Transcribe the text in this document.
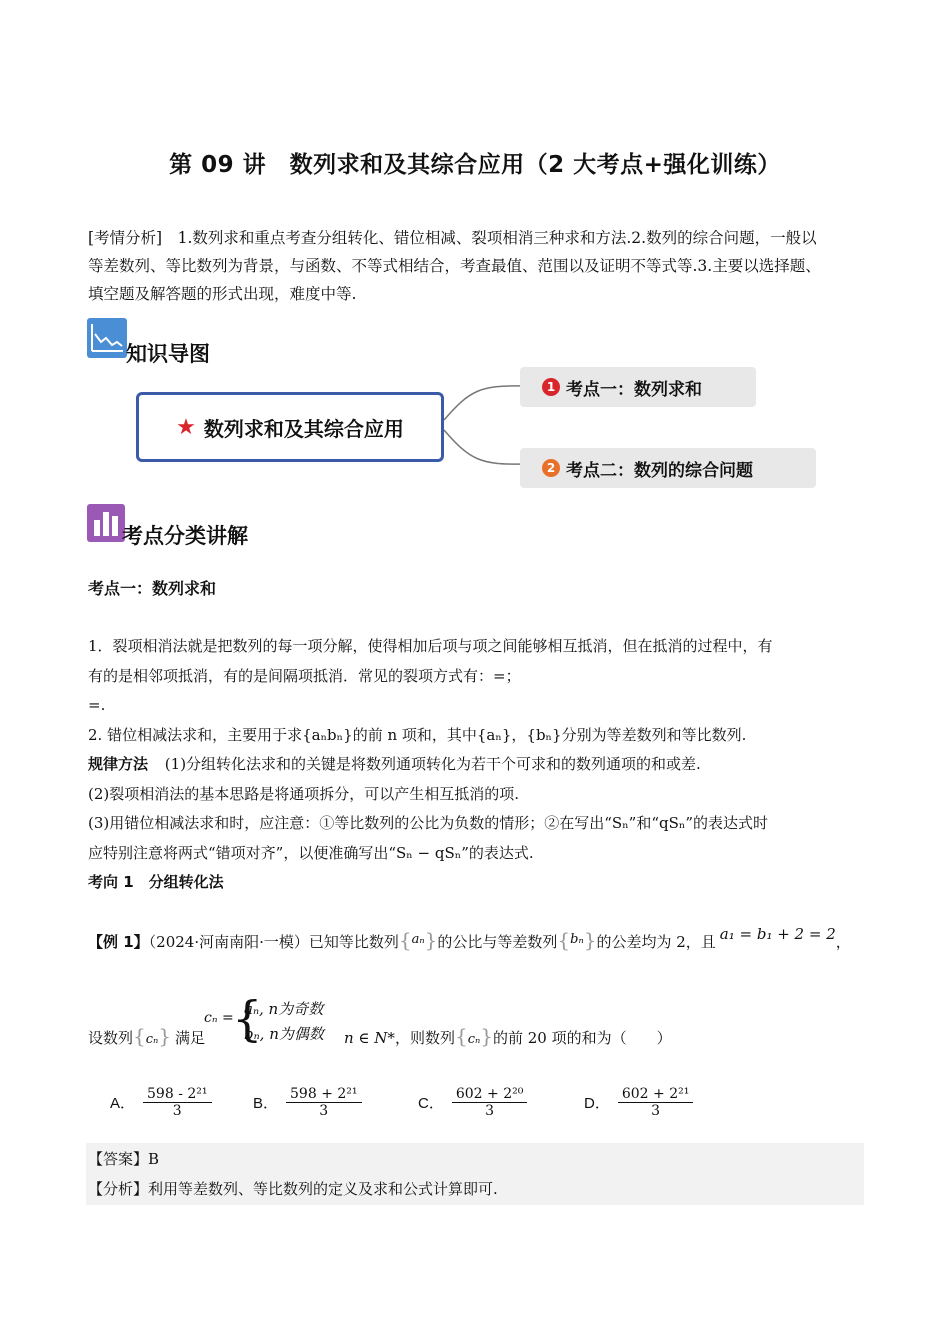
第 09 讲　数列求和及其综合应用（2 大考点+强化训练）
[考情分析]　1.数列求和重点考查分组转化、错位相减、裂项相消三种求和方法.2.数列的综合问题，一般以
等差数列、等比数列为背景，与函数、不等式相结合，考查最值、范围以及证明不等式等.3.主要以选择题、
填空题及解答题的形式出现，难度中等.
知识导图
★ 数列求和及其综合应用
1 考点一：数列求和
2 考点二：数列的综合问题
考点分类讲解
考点一：数列求和
1．裂项相消法就是把数列的每一项分解，使得相加后项与项之间能够相互抵消，但在抵消的过程中，有
有的是相邻项抵消，有的是间隔项抵消．常见的裂项方式有：=；
=.
2. 错位相减法求和，主要用于求{aₙbₙ}的前 n 项和，其中{aₙ}，{bₙ}分别为等差数列和等比数列.
规律方法 (1)分组转化法求和的关键是将数列通项转化为若干个可求和的数列通项的和或差.
(2)裂项相消法的基本思路是将通项拆分，可以产生相互抵消的项.
(3)用错位相减法求和时，应注意：①等比数列的公比为负数的情形；②在写出“Sₙ”和“qSₙ”的表达式时
应特别注意将两式“错项对齐”，以便准确写出“Sₙ − qSₙ”的表达式.
考向 1　分组转化法
【例 1】（2024·河南南阳·一模）已知等比数列{aₙ}的公比与等差数列{bₙ}的公差均为 2，且 a₁ = b₁ + 2 = 2，
设数列{cₙ} 满足
cₙ =
{
aₙ, n为奇数
bₙ, n为偶数 n ∈ N*，则数列{cₙ}的前 20 项的和为（　　）
A． $\frac{\text{598 - 2²¹}}{3}$	B． $\frac{\text{598 + 2²¹}}{3}$	C． $\frac{\text{602 + 2²⁰}}{3}$	D． $\frac{\text{602 + 2²¹}}{3}$
【答案】B
【分析】利用等差数列、等比数列的定义及求和公式计算即可.
